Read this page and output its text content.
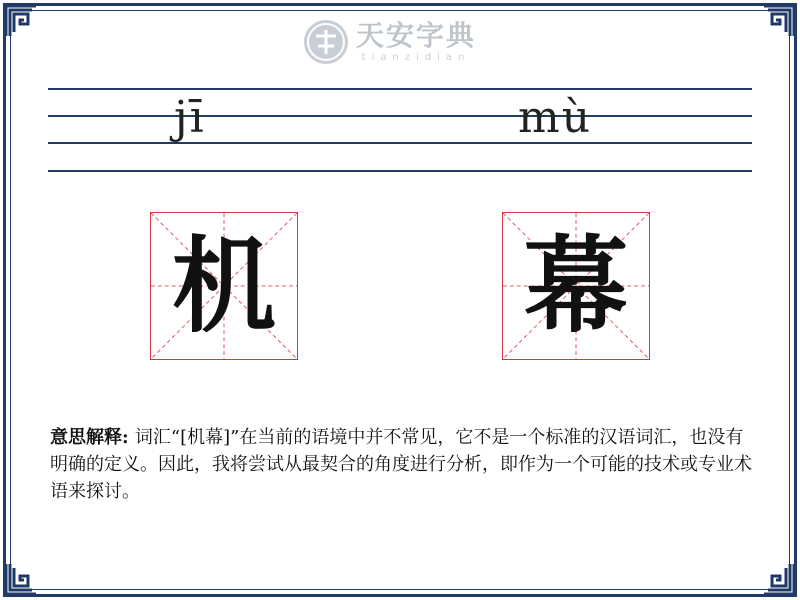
天安字典
tianzidian
jī	mù
机 幕
意思解释: 词汇“[机幕]”在当前的语境中并不常见，它不是一个标准的汉语词汇，也没有明确的定义。因此，我将尝试从最契合的角度进行分析，即作为一个可能的技术或专业术语来探讨。
